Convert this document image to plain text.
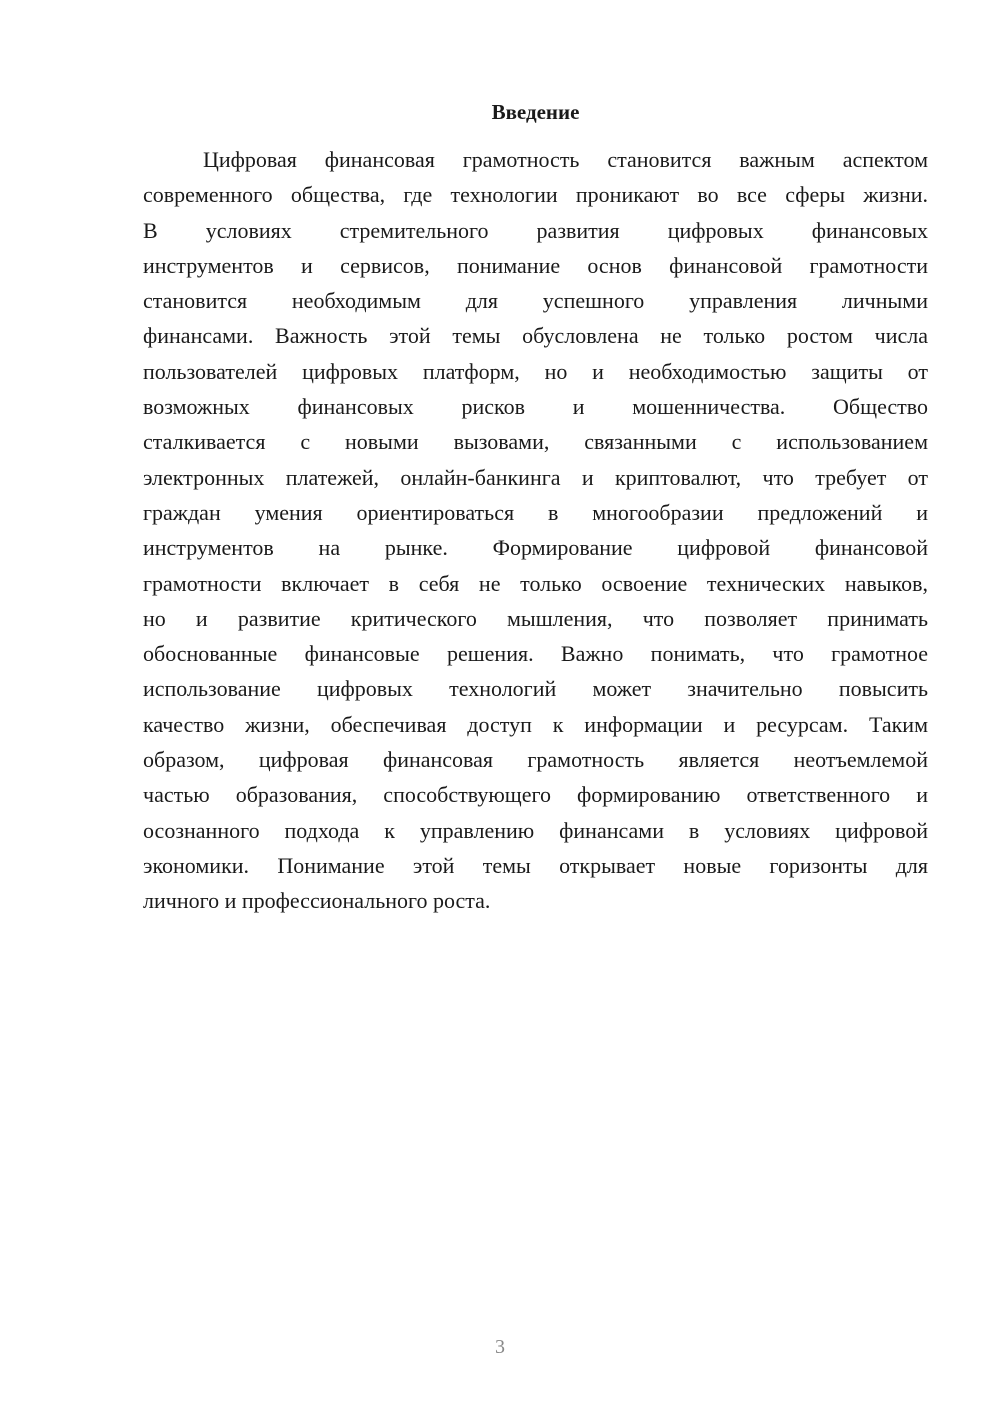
Введение
Цифровая финансовая грамотность становится важным аспектом
современного общества, где технологии проникают во все сферы жизни.
В условиях стремительного развития цифровых финансовых
инструментов и сервисов, понимание основ финансовой грамотности
становится необходимым для успешного управления личными
финансами. Важность этой темы обусловлена не только ростом числа
пользователей цифровых платформ, но и необходимостью защиты от
возможных финансовых рисков и мошенничества. Общество
сталкивается с новыми вызовами, связанными с использованием
электронных платежей, онлайн-банкинга и криптовалют, что требует от
граждан умения ориентироваться в многообразии предложений и
инструментов на рынке. Формирование цифровой финансовой
грамотности включает в себя не только освоение технических навыков,
но и развитие критического мышления, что позволяет принимать
обоснованные финансовые решения. Важно понимать, что грамотное
использование цифровых технологий может значительно повысить
качество жизни, обеспечивая доступ к информации и ресурсам. Таким
образом, цифровая финансовая грамотность является неотъемлемой
частью образования, способствующего формированию ответственного и
осознанного подхода к управлению финансами в условиях цифровой
экономики. Понимание этой темы открывает новые горизонты для
личного и профессионального роста.
3
